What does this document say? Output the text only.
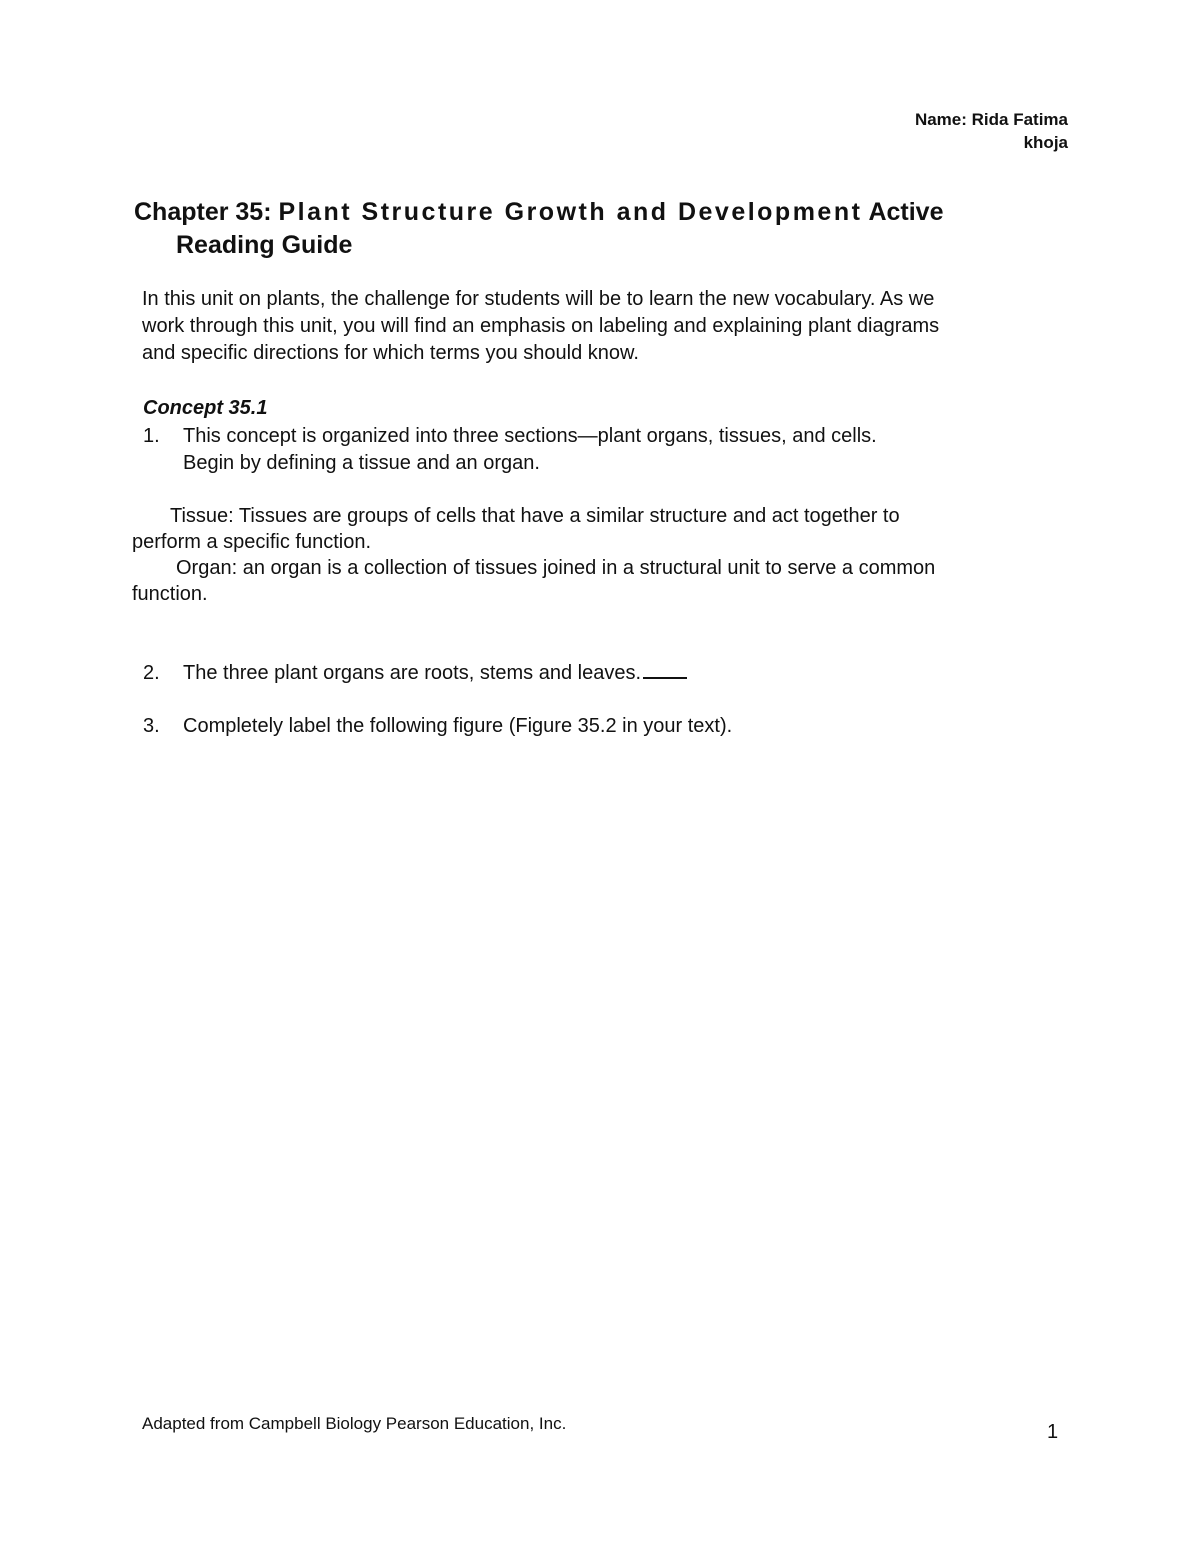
Name: Rida Fatima
khoja
Chapter 35: Plant Structure Growth and Development Active
Reading Guide
In this unit on plants, the challenge for students will be to learn the new vocabulary. As we
work through this unit, you will find an emphasis on labeling and explaining plant diagrams
and specific directions for which terms you should know.
Concept 35.1
1. This concept is organized into three sections—plant organs, tissues, and cells.
Begin by defining a tissue and an organ.
Tissue: Tissues are groups of cells that have a similar structure and act together to
perform a specific function.
Organ: an organ is a collection of tissues joined in a structural unit to serve a common
function.
2. The three plant organs are roots, stems and leaves.
3. Completely label the following figure (Figure 35.2 in your text).
Adapted from Campbell Biology Pearson Education, Inc.	1
